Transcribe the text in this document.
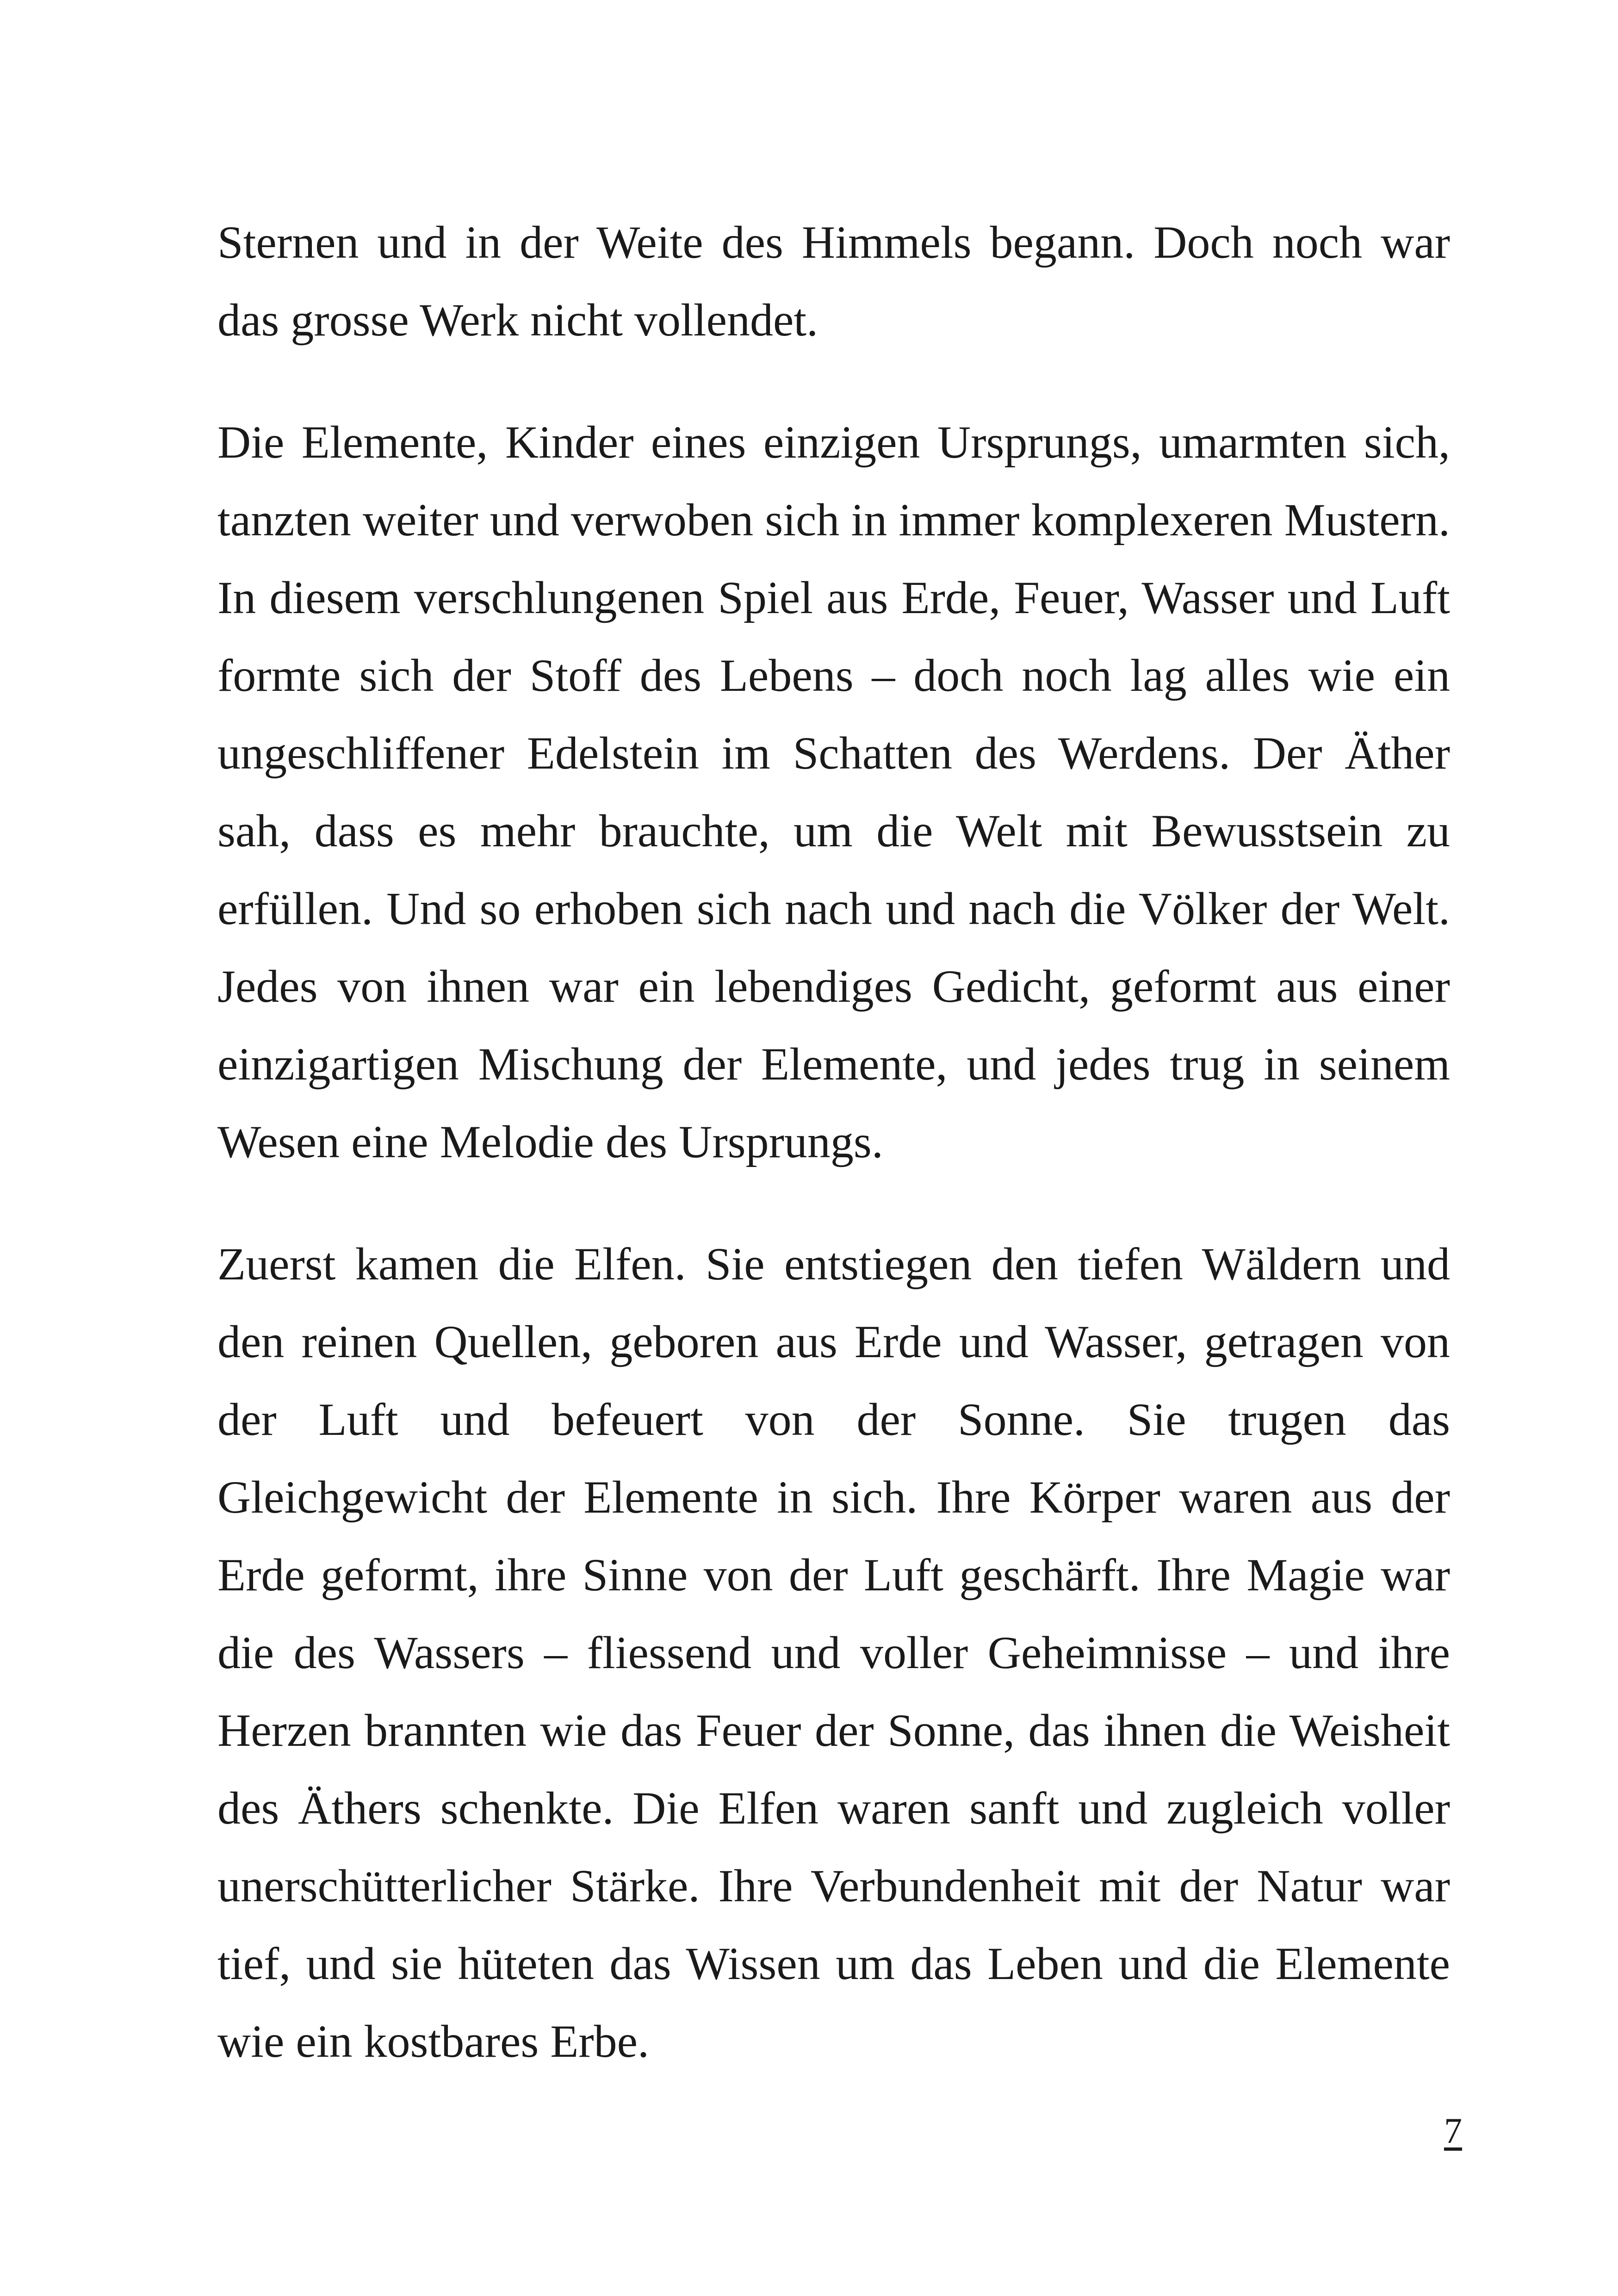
Sternen und in der Weite des Himmels begann. Doch noch war das grosse Werk nicht vollendet.

Die Elemente, Kinder eines einzigen Ursprungs, umarmten sich, tanzten weiter und verwoben sich in immer komplexeren Mustern. In diesem verschlungenen Spiel aus Erde, Feuer, Wasser und Luft formte sich der Stoff des Lebens – doch noch lag alles wie ein ungeschliffener Edelstein im Schatten des Werdens. Der Äther sah, dass es mehr brauchte, um die Welt mit Bewusstsein zu erfüllen. Und so erhoben sich nach und nach die Völker der Welt. Jedes von ihnen war ein lebendiges Gedicht, geformt aus einer einzigartigen Mischung der Elemente, und jedes trug in seinem Wesen eine Melodie des Ursprungs.

Zuerst kamen die Elfen. Sie entstiegen den tiefen Wäldern und den reinen Quellen, geboren aus Erde und Wasser, getragen von der Luft und befeuert von der Sonne. Sie trugen das Gleichgewicht der Elemente in sich. Ihre Körper waren aus der Erde geformt, ihre Sinne von der Luft geschärft. Ihre Magie war die des Wassers – fliessend und voller Geheimnisse – und ihre Herzen brannten wie das Feuer der Sonne, das ihnen die Weisheit des Äthers schenkte. Die Elfen waren sanft und zugleich voller unerschütterlicher Stärke. Ihre Verbundenheit mit der Natur war tief, und sie hüteten das Wissen um das Leben und die Elemente wie ein kostbares Erbe.

7
